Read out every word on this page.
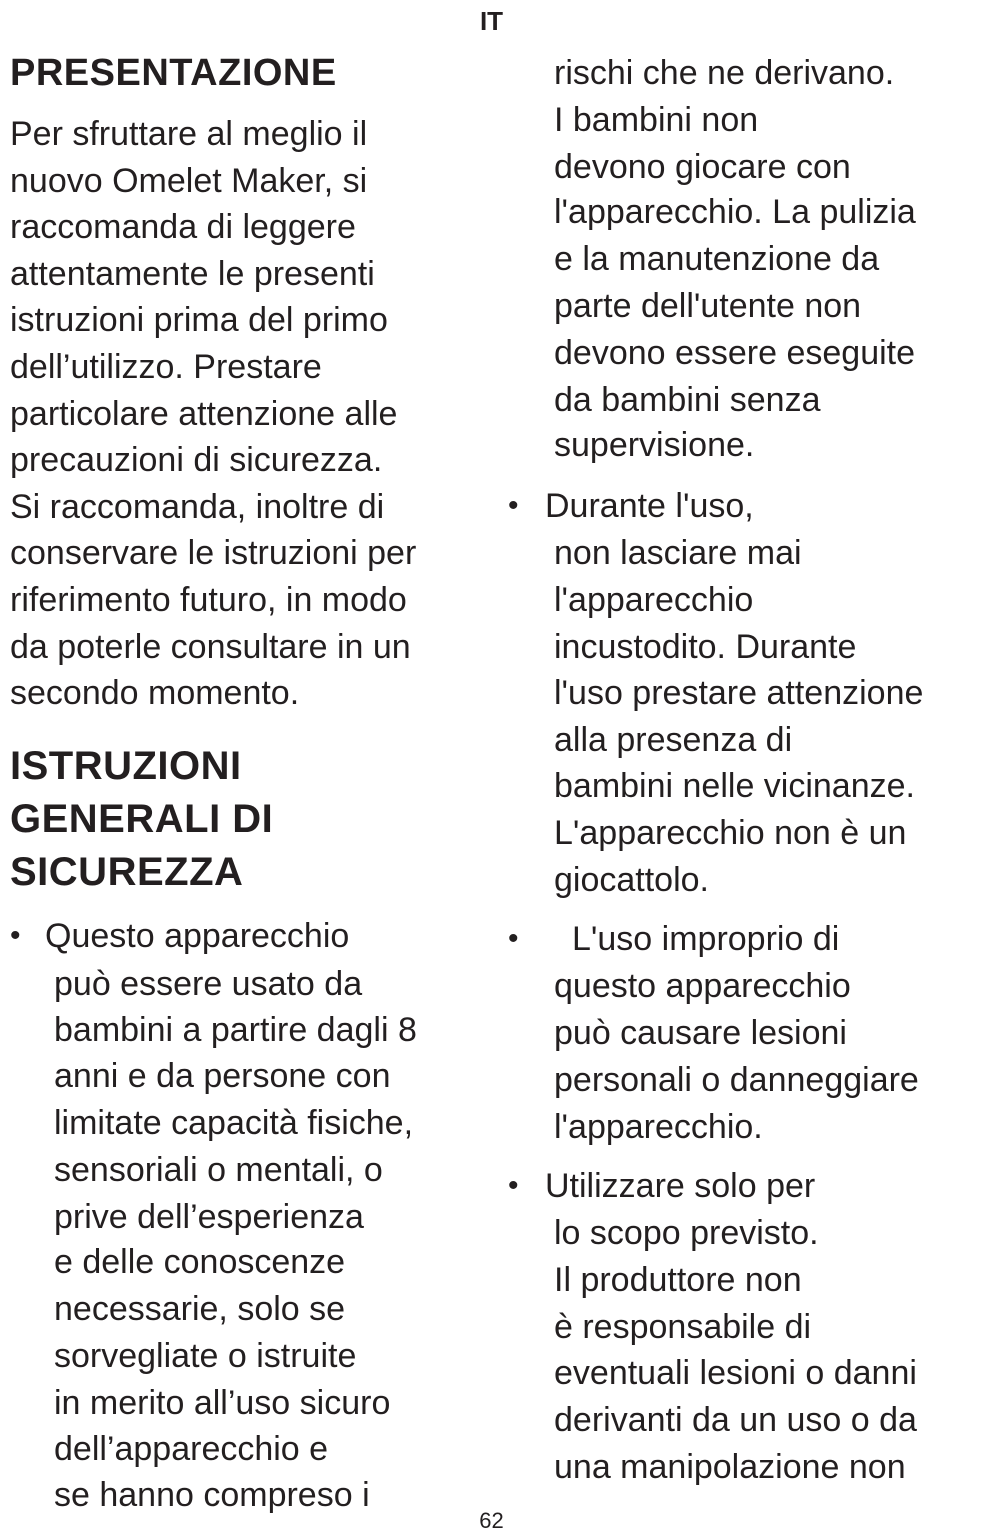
IT
PRESENTAZIONE
Per sfruttare al meglio il
nuovo Omelet Maker, si
raccomanda di leggere
attentamente le presenti
istruzioni prima del primo
dell’utilizzo. Prestare
particolare attenzione alle
precauzioni di sicurezza.
Si raccomanda, inoltre di
conservare le istruzioni per
riferimento futuro, in modo
da poterle consultare in un
secondo momento.
ISTRUZIONI
GENERALI DI
SICUREZZA
• Questo apparecchio
può essere usato da
bambini a partire dagli 8
anni e da persone con
limitate capacità fisiche,
sensoriali o mentali, o
prive dell’esperienza
e delle conoscenze
necessarie, solo se
sorvegliate o istruite
in merito all’uso sicuro
dell’apparecchio e
se hanno compreso i
rischi che ne derivano.
I bambini non
devono giocare con
l'apparecchio. La pulizia
e la manutenzione da
parte dell'utente non
devono essere eseguite
da bambini senza
supervisione.
• Durante l'uso,
non lasciare mai
l'apparecchio
incustodito. Durante
l'uso prestare attenzione
alla presenza di
bambini nelle vicinanze.
L'apparecchio non è un
giocattolo.
• L'uso improprio di
questo apparecchio
può causare lesioni
personali o danneggiare
l'apparecchio.
• Utilizzare solo per
lo scopo previsto.
Il produttore non
è responsabile di
eventuali lesioni o danni
derivanti da un uso o da
una manipolazione non
62
